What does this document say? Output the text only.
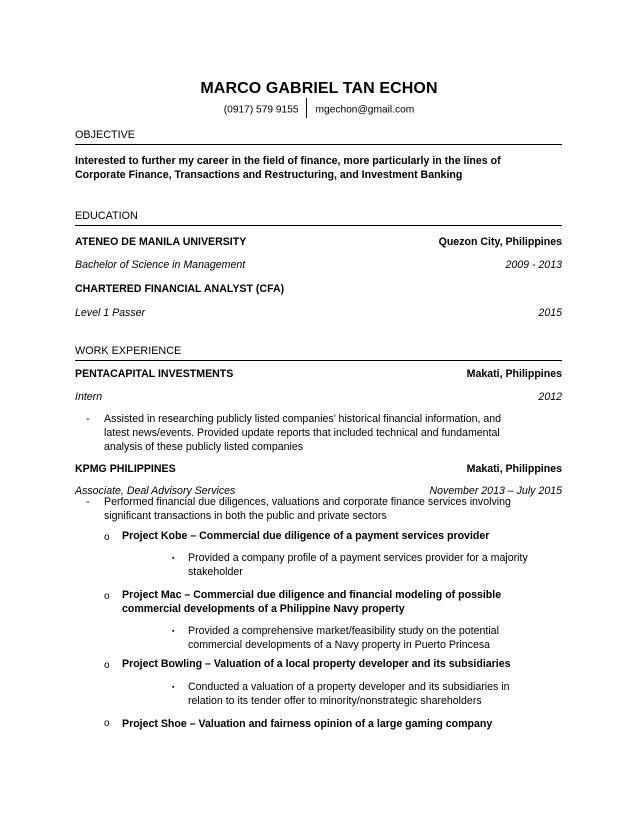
MARCO GABRIEL TAN ECHON
(0917) 579 9155 mgechon@gmail.com
OBJECTIVE
Interested to further my career in the field of finance, more particularly in the lines of
Corporate Finance, Transactions and Restructuring, and Investment Banking
EDUCATION
ATENEO DE MANILA UNIVERSITY	Quezon City, Philippines
Bachelor of Science in Management	2009 - 2013
CHARTERED FINANCIAL ANALYST (CFA)
Level 1 Passer	2015
WORK EXPERIENCE
PENTACAPITAL INVESTMENTS	Makati, Philippines
Intern	2012
- Assisted in researching publicly listed companies’ historical financial information, and
latest news/events. Provided update reports that included technical and fundamental
analysis of these publicly listed companies
KPMG PHILIPPINES	Makati, Philippines
Associate, Deal Advisory Services	November 2013 – July 2015
- Performed financial due diligences, valuations and corporate finance services involving
significant transactions in both the public and private sectors
o Project Kobe – Commercial due diligence of a payment services provider
▪ Provided a company profile of a payment services provider for a majority
stakeholder
o Project Mac – Commercial due diligence and financial modeling of possible
commercial developments of a Philippine Navy property
▪ Provided a comprehensive market/feasibility study on the potential
commercial developments of a Navy property in Puerto Princesa
o Project Bowling – Valuation of a local property developer and its subsidiaries
▪ Conducted a valuation of a property developer and its subsidiaries in
relation to its tender offer to minority/nonstrategic shareholders
o Project Shoe – Valuation and fairness opinion of a large gaming company
